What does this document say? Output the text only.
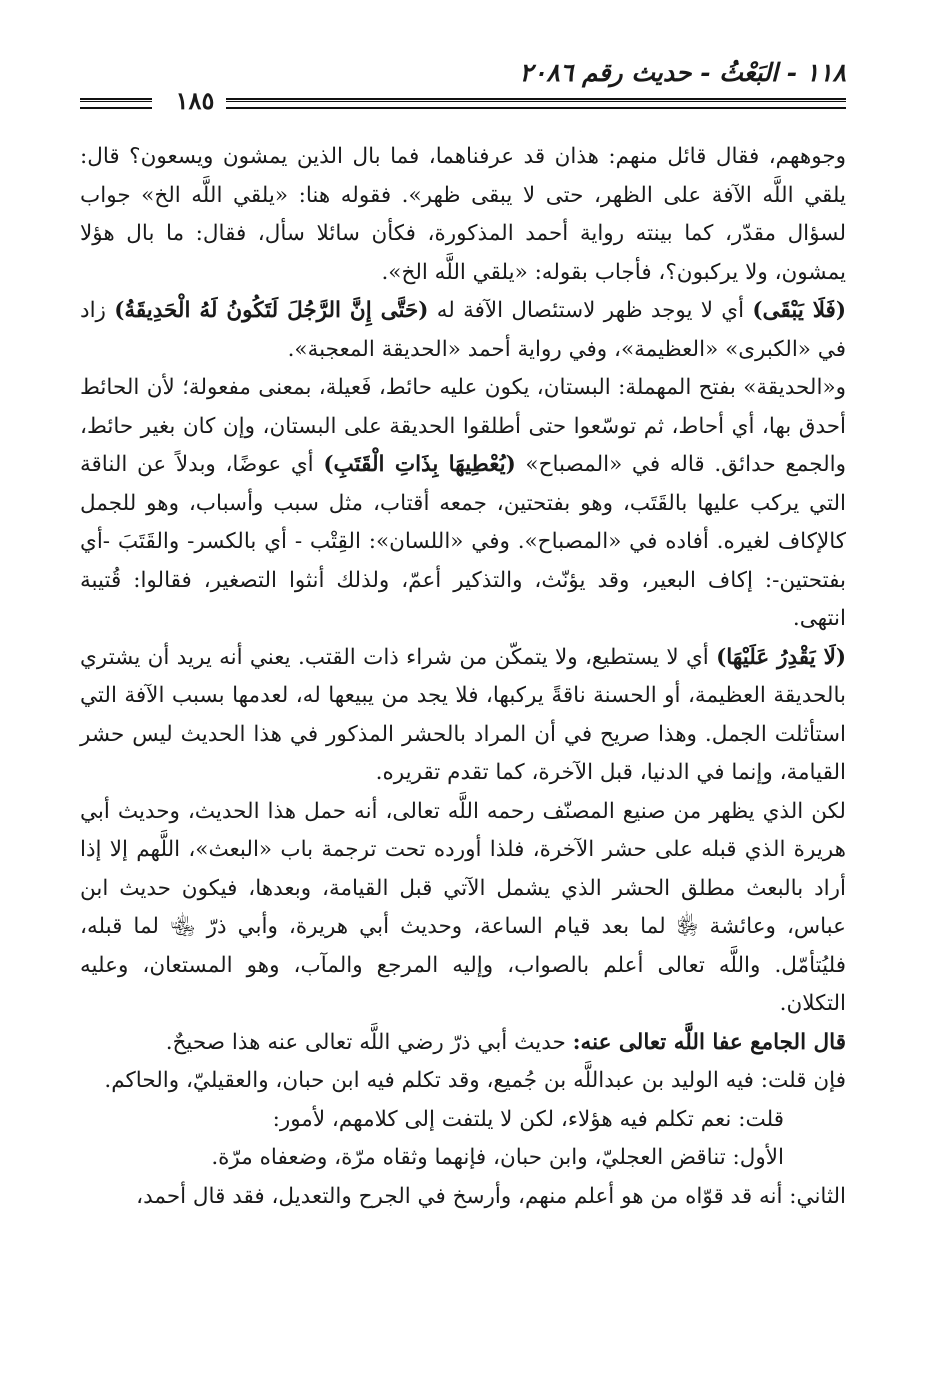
١١٨ - البَعْثُ - حديث رقم ٢٠٨٦
١٨٥

وجوههم، فقال قائل منهم: هذان قد عرفناهما، فما بال الذين يمشون ويسعون؟ قال: يلقي اللَّه الآفة على الظهر، حتى لا يبقى ظهر». فقوله هنا: «يلقي اللَّه الخ» جواب لسؤال مقدّر، كما بينته رواية أحمد المذكورة، فكأن سائلا سأل، فقال: ما بال هؤلا يمشون، ولا يركبون؟، فأجاب بقوله: «يلقي اللَّه الخ».

(فَلَا يَبْقَى) أي لا يوجد ظهر لاستئصال الآفة له (حَتَّى إِنَّ الرَّجُلَ لَتَكُونُ لَهُ الْحَدِيقَةُ) زاد في «الكبرى» «العظيمة»، وفي رواية أحمد «الحديقة المعجبة».

و«الحديقة» بفتح المهملة: البستان، يكون عليه حائط، فَعيلة، بمعنى مفعولة؛ لأن الحائط أحدق بها، أي أحاط، ثم توسّعوا حتى أطلقوا الحديقة على البستان، وإن كان بغير حائط، والجمع حدائق. قاله في «المصباح» (يُعْطِيهَا بِذَاتِ الْقَتَبِ) أي عوضًا، وبدلاً عن الناقة التي يركب عليها بالقَتَب، وهو بفتحتين، جمعه أقتاب، مثل سبب وأسباب، وهو للجمل كالإكاف لغيره. أفاده في «المصباح». وفي «اللسان»: القِتْب - أي بالكسر- والقَتَبَ -أي بفتحتين-: إكاف البعير، وقد يؤنّث، والتذكير أعمّ، ولذلك أنثوا التصغير، فقالوا: قُتيبة انتهى.

(لَا يَقْدِرُ عَلَيْهَا) أي لا يستطيع، ولا يتمكّن من شراء ذات القتب. يعني أنه يريد أن يشتري بالحديقة العظيمة، أو الحسنة ناقةً يركبها، فلا يجد من يبيعها له، لعدمها بسبب الآفة التي استأثلت الجمل. وهذا صريح في أن المراد بالحشر المذكور في هذا الحديث ليس حشر القيامة، وإنما في الدنيا، قبل الآخرة، كما تقدم تقريره.

لكن الذي يظهر من صنيع المصنّف رحمه اللَّه تعالى، أنه حمل هذا الحديث، وحديث أبي هريرة الذي قبله على حشر الآخرة، فلذا أورده تحت ترجمة باب «البعث»، اللَّهم إلا إذا أراد بالبعث مطلق الحشر الذي يشمل الآتي قبل القيامة، وبعدها، فيكون حديث ابن عباس، وعائشة ﵂ لما بعد قيام الساعة، وحديث أبي هريرة، وأبي ذرّ ﵄ لما قبله، فليُتأمّل. واللَّه تعالى أعلم بالصواب، وإليه المرجع والمآب، وهو المستعان، وعليه التكلان.

قال الجامع عفا اللَّه تعالى عنه: حديث أبي ذرّ رضي اللَّه تعالى عنه هذا صحيحٌ.

فإن قلت: فيه الوليد بن عبداللَّه بن جُميع، وقد تكلم فيه ابن حبان، والعقيليّ، والحاكم.

قلت: نعم تكلم فيه هؤلاء، لكن لا يلتفت إلى كلامهم، لأمور:

الأول: تناقض العجليّ، وابن حبان، فإنهما وثقاه مرّة، وضعفاه مرّة.

الثاني: أنه قد قوّاه من هو أعلم منهم، وأرسخ في الجرح والتعديل، فقد قال أحمد،
